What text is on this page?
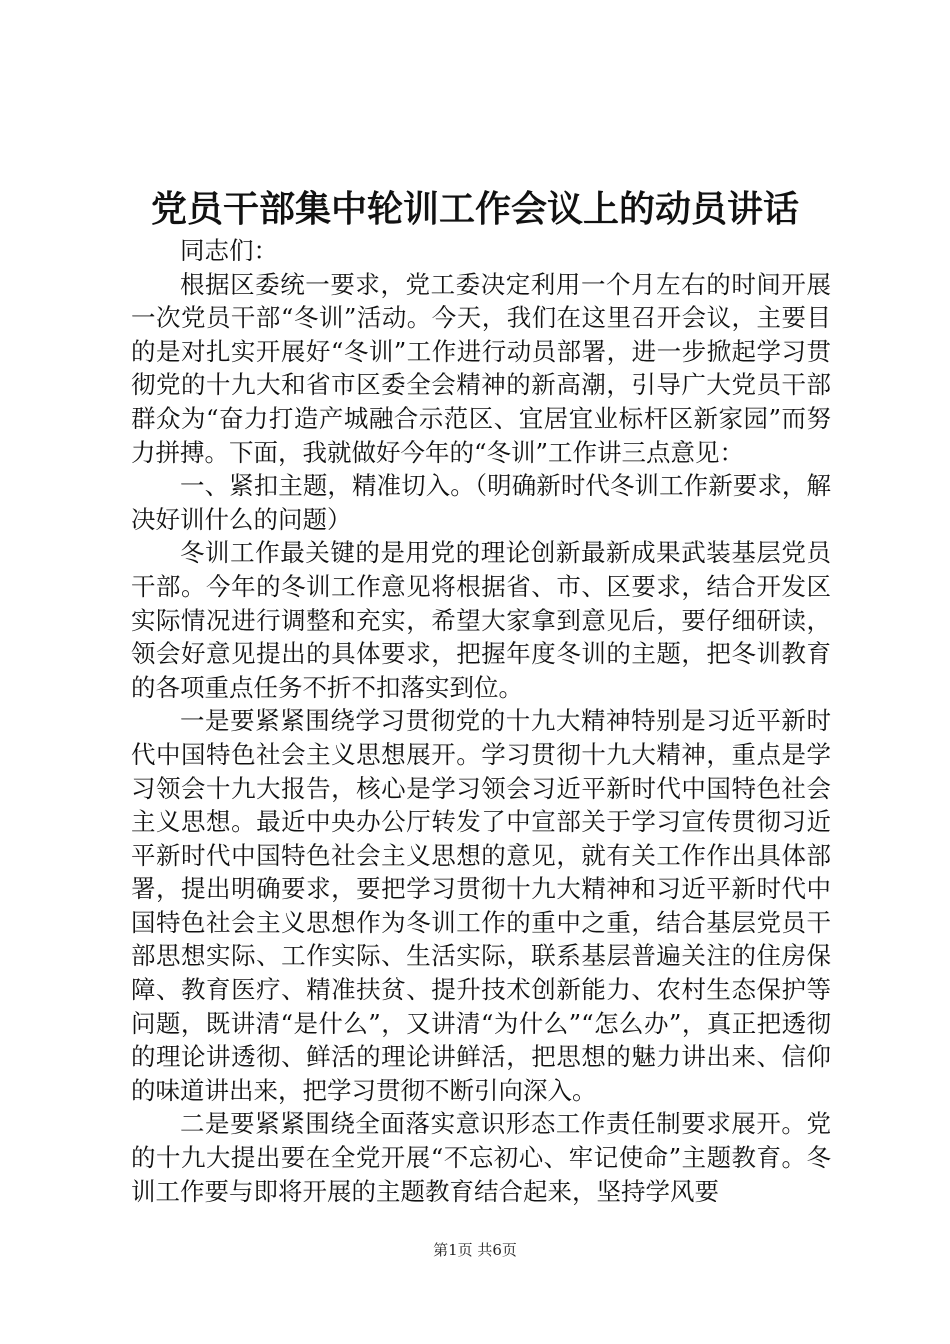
党员干部集中轮训工作会议上的动员讲话

同志们：

根据区委统一要求，党工委决定利用一个月左右的时间开展一次党员干部“冬训”活动。今天，我们在这里召开会议，主要目的是对扎实开展好“冬训”工作进行动员部署，进一步掀起学习贯彻党的十九大和省市区委全会精神的新高潮，引导广大党员干部群众为“奋力打造产城融合示范区、宜居宜业标杆区新家园”而努力拼搏。下面，我就做好今年的“冬训”工作讲三点意见：

一、紧扣主题，精准切入。（明确新时代冬训工作新要求，解决好训什么的问题）

冬训工作最关键的是用党的理论创新最新成果武装基层党员干部。今年的冬训工作意见将根据省、市、区要求，结合开发区实际情况进行调整和充实，希望大家拿到意见后，要仔细研读，领会好意见提出的具体要求，把握年度冬训的主题，把冬训教育的各项重点任务不折不扣落实到位。

一是要紧紧围绕学习贯彻党的十九大精神特别是习近平新时代中国特色社会主义思想展开。学习贯彻十九大精神，重点是学习领会十九大报告，核心是学习领会习近平新时代中国特色社会主义思想。最近中央办公厅转发了中宣部关于学习宣传贯彻习近平新时代中国特色社会主义思想的意见，就有关工作作出具体部署，提出明确要求，要把学习贯彻十九大精神和习近平新时代中国特色社会主义思想作为冬训工作的重中之重，结合基层党员干部思想实际、工作实际、生活实际，联系基层普遍关注的住房保障、教育医疗、精准扶贫、提升技术创新能力、农村生态保护等问题，既讲清“是什么”，又讲清“为什么”“怎么办”，真正把透彻的理论讲透彻、鲜活的理论讲鲜活，把思想的魅力讲出来、信仰的味道讲出来，把学习贯彻不断引向深入。

二是要紧紧围绕全面落实意识形态工作责任制要求展开。党的十九大提出要在全党开展“不忘初心、牢记使命”主题教育。冬训工作要与即将开展的主题教育结合起来，坚持学风要

第1页 共6页
